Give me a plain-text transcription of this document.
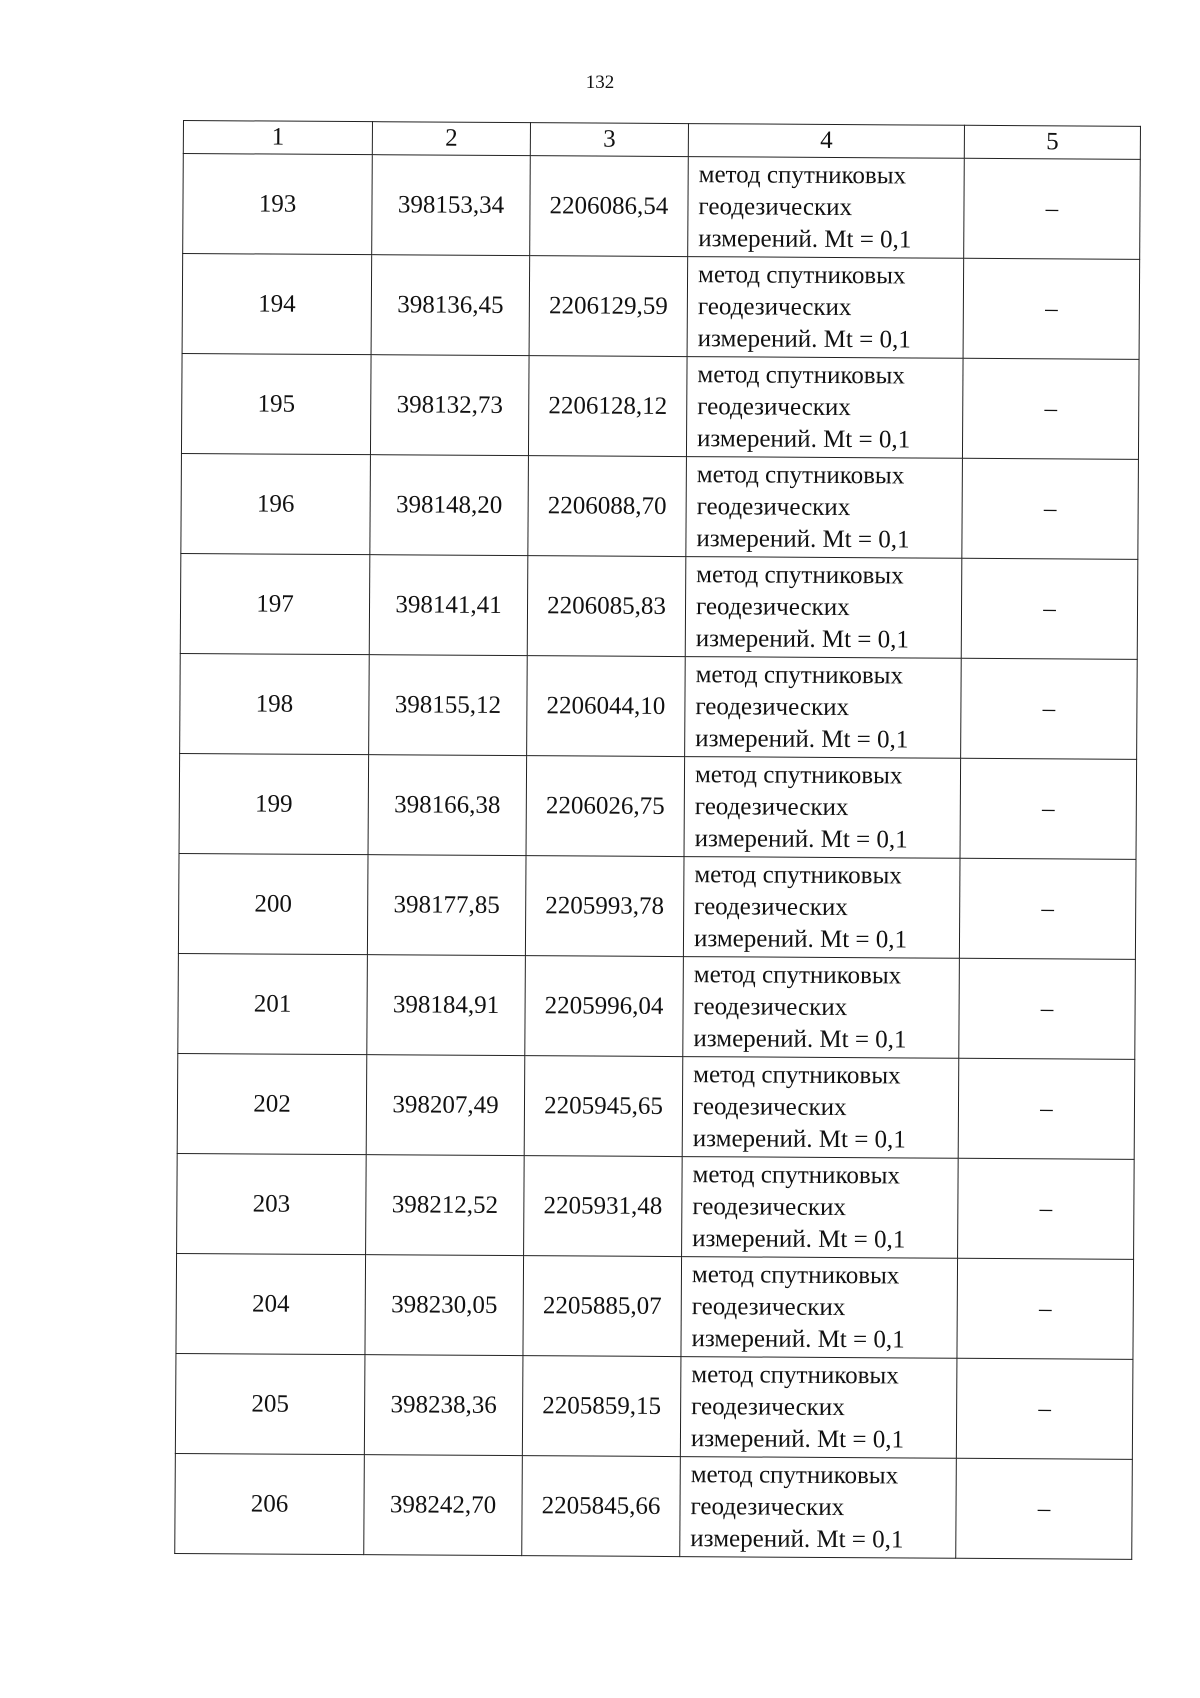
132
1	2	3	4	5
193	398153,34	2206086,54	метод спутниковых
геодезических
измерений. Mt = 0,1	–
194	398136,45	2206129,59	метод спутниковых
геодезических
измерений. Mt = 0,1	–
195	398132,73	2206128,12	метод спутниковых
геодезических
измерений. Mt = 0,1	–
196	398148,20	2206088,70	метод спутниковых
геодезических
измерений. Mt = 0,1	–
197	398141,41	2206085,83	метод спутниковых
геодезических
измерений. Mt = 0,1	–
198	398155,12	2206044,10	метод спутниковых
геодезических
измерений. Mt = 0,1	–
199	398166,38	2206026,75	метод спутниковых
геодезических
измерений. Mt = 0,1	–
200	398177,85	2205993,78	метод спутниковых
геодезических
измерений. Mt = 0,1	–
201	398184,91	2205996,04	метод спутниковых
геодезических
измерений. Mt = 0,1	–
202	398207,49	2205945,65	метод спутниковых
геодезических
измерений. Mt = 0,1	–
203	398212,52	2205931,48	метод спутниковых
геодезических
измерений. Mt = 0,1	–
204	398230,05	2205885,07	метод спутниковых
геодезических
измерений. Mt = 0,1	–
205	398238,36	2205859,15	метод спутниковых
геодезических
измерений. Mt = 0,1	–
206	398242,70	2205845,66	метод спутниковых
геодезических
измерений. Mt = 0,1	–
